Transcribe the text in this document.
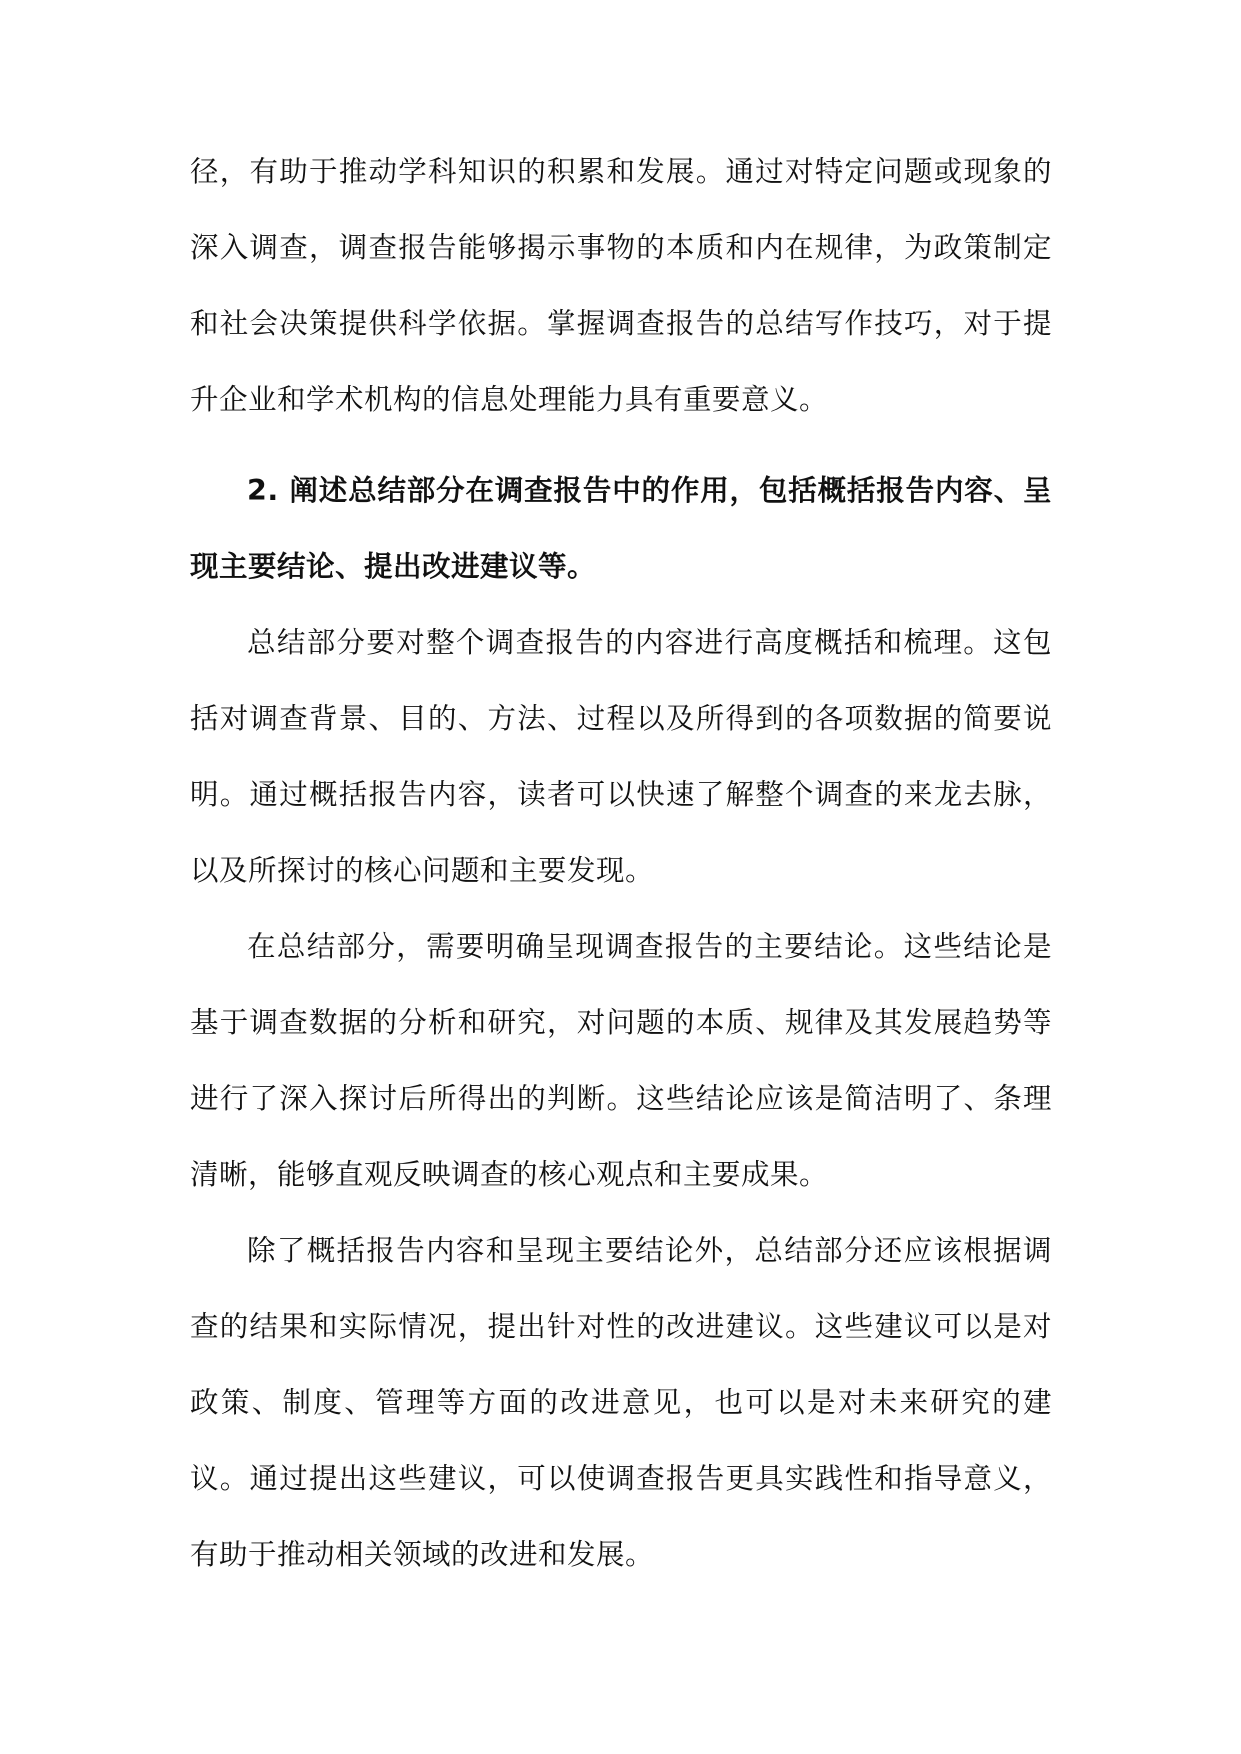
径，有助于推动学科知识的积累和发展。通过对特定问题或现象的深入调查，调查报告能够揭示事物的本质和内在规律，为政策制定和社会决策提供科学依据。掌握调查报告的总结写作技巧，对于提升企业和学术机构的信息处理能力具有重要意义。

2. 阐述总结部分在调查报告中的作用，包括概括报告内容、呈现主要结论、提出改进建议等。

总结部分要对整个调查报告的内容进行高度概括和梳理。这包括对调查背景、目的、方法、过程以及所得到的各项数据的简要说明。通过概括报告内容，读者可以快速了解整个调查的来龙去脉，以及所探讨的核心问题和主要发现。

在总结部分，需要明确呈现调查报告的主要结论。这些结论是基于调查数据的分析和研究，对问题的本质、规律及其发展趋势等进行了深入探讨后所得出的判断。这些结论应该是简洁明了、条理清晰，能够直观反映调查的核心观点和主要成果。

除了概括报告内容和呈现主要结论外，总结部分还应该根据调查的结果和实际情况，提出针对性的改进建议。这些建议可以是对政策、制度、管理等方面的改进意见，也可以是对未来研究的建议。通过提出这些建议，可以使调查报告更具实践性和指导意义，有助于推动相关领域的改进和发展。
